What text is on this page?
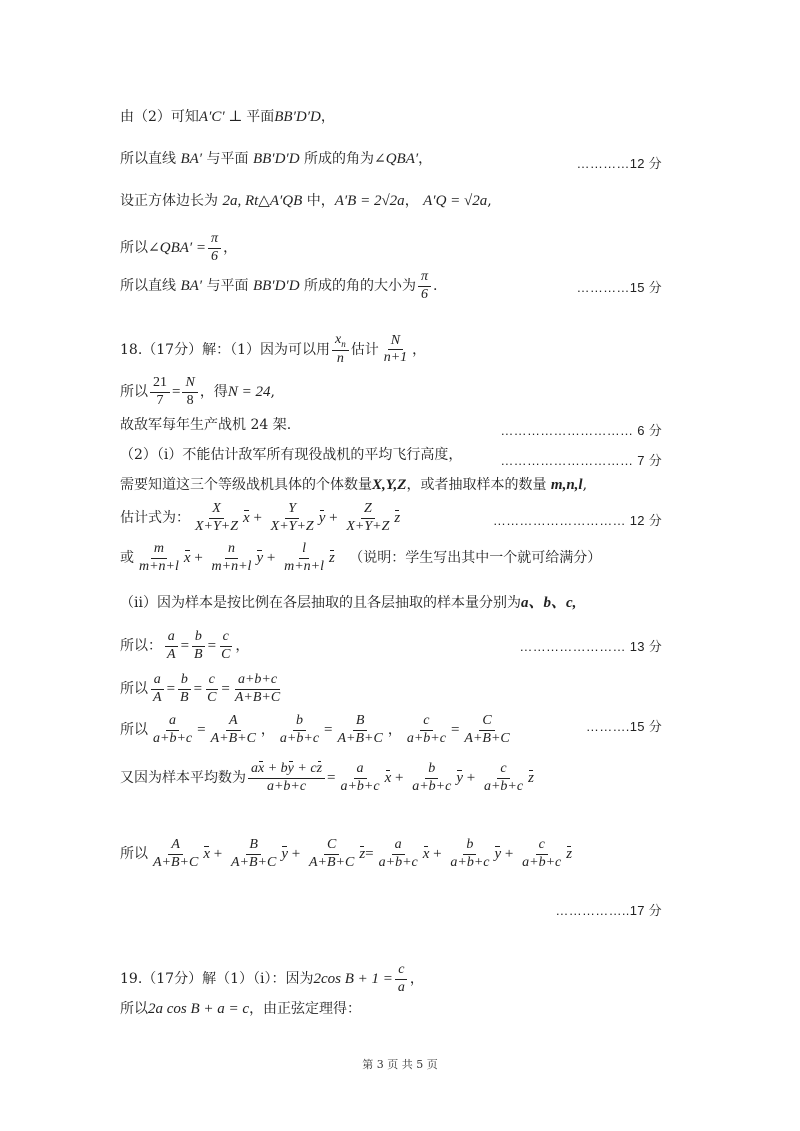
由（2）可知A′C′ ⊥ 平面BB′D′D，
所以直线 BA′ 与平面 BB′D′D 所成的角为∠QBA′，	…………12 分
设正方体边长为 2a, Rt△A′QB 中，A′B = 2√2a， A′Q = √2a,
所以∠QBA′ = $\frac{\pi}{6}$ ，
所以直线 BA′ 与平面 BB′D′D 所成的角的大小为 $\frac{\pi}{6}$ .	…………15 分
18.（17分）解：（1）因为可以用 $\frac{x_n}{n}$ 估计 $\frac{N}{n+1}$ ，
所以 $\frac{21}{7} = \frac{N}{8}$ ，得N = 24,
故敌军每年生产战机 24 架.	………………………… 6 分
（2）（ⅰ）不能估计敌军所有现役战机的平均飞行高度，	………………………… 7 分
需要知道这三个等级战机具体的个体数量X,Y,Z，或者抽取样本的数量 m,n,l,
估计式为： $\frac{X}{X+Y+Z}$ $x + \frac{Y}{X+Y+Z}$ $y + \frac{Z}{X+Y+Z}$ z	………………………… 12 分
或 $\frac{m}{m+n+l}$ $x + \frac{n}{m+n+l}$ $y + \frac{l}{m+n+l}$ z （说明：学生写出其中一个就可给满分）
（ⅱ）因为样本是按比例在各层抽取的且各层抽取的样本量分别为a、b、c,
所以： $\frac{a}{A} = \frac{b}{B} = \frac{c}{C}$ ，	…………………… 13 分
所以 $\frac{a}{A} = \frac{b}{B} = \frac{c}{C} = \frac{a+b+c}{A+B+C}$
所以 $\frac{a}{a+b+c} = \frac{A}{A+B+C}$ ， $\frac{b}{a+b+c} = \frac{B}{A+B+C}$ ， $\frac{c}{a+b+c} = \frac{C}{A+B+C}$	……….15 分
又因为样本平均数为 $\frac{ax + by + cz}{a+b+c} = \frac{a}{a+b+c}$ $x + \frac{b}{a+b+c}$ $y + \frac{c}{a+b+c}$ z
所以 $\frac{A}{A+B+C}$ $x + \frac{B}{A+B+C}$ $y + \frac{C}{A+B+C} z= \frac{a}{a+b+c}$ $x + \frac{b}{a+b+c}$ $y + \frac{c}{a+b+c}$ z
……………..17 分
19.（17分）解（1）（ⅰ）：因为2cos $B + 1 = \frac{c}{a}$ ，
所以2a cos B + a = c，由正弦定理得：
第 3 页 共 5 页
